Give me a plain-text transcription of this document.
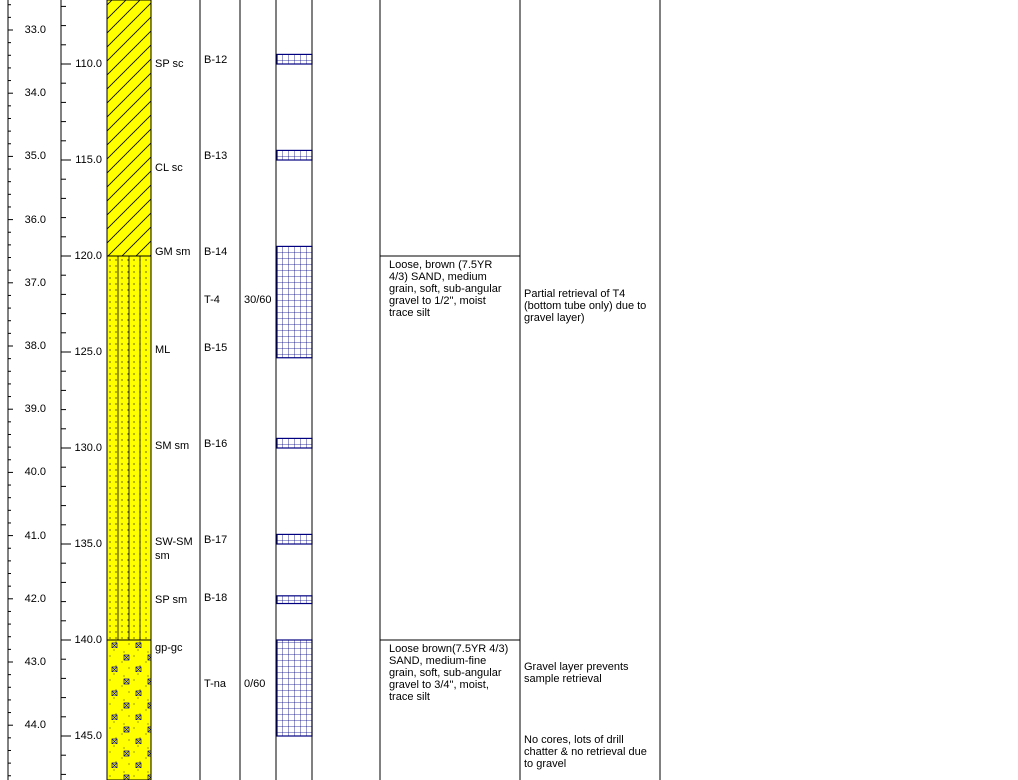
33.0
34.0
35.0
36.0
37.0
38.0
39.0
40.0
41.0
42.0
43.0
44.0
110.0
115.0
120.0
125.0
130.0
135.0
140.0
145.0
SP sc
CL sc
GM sm
ML
SM sm
SW-SM
sm
SP sm
gp-gc
B-12
B-13
B-14
T-4 30/60
B-15
B-16
B-17
B-18
T-na 0/60
Loose, brown (7.5YR
4/3) SAND, medium
grain, soft, sub-angular
gravel to 1/2", moist
trace silt
Loose brown(7.5YR 4/3)
SAND, medium-fine
grain, soft, sub-angular
gravel to 3/4", moist,
trace silt
Partial retrieval of T4
(bottom tube only) due to
gravel layer)
Gravel layer prevents
sample retrieval
No cores, lots of drill
chatter & no retrieval due
to gravel
